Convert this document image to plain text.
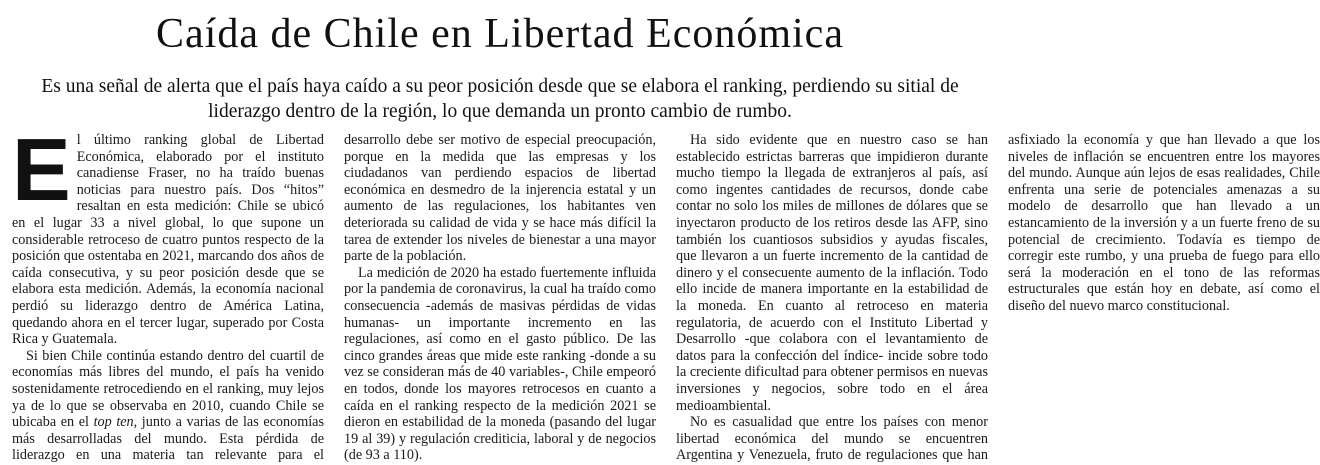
Caída de Chile en Libertad Económica

Es una señal de alerta que el país haya caído a su peor posición desde que se elabora el ranking, perdiendo su sitial de liderazgo dentro de la región, lo que demanda un pronto cambio de rumbo.

El último ranking global de Libertad Económica, elaborado por el instituto canadiense Fraser, no ha traído buenas noticias para nuestro país. Dos “hitos” resaltan en esta medición: Chile se ubicó en el lugar 33 a nivel global, lo que supone un considerable retroceso de cuatro puntos respecto de la posición que ostentaba en 2021, marcando dos años de caída consecutiva, y su peor posición desde que se elabora esta medición. Además, la economía nacional perdió su liderazgo dentro de América Latina, quedando ahora en el tercer lugar, superado por Costa Rica y Guatemala.

Si bien Chile continúa estando dentro del cuartil de economías más libres del mundo, el país ha venido sostenidamente retrocediendo en el ranking, muy lejos ya de lo que se observaba en 2010, cuando Chile se ubicaba en el top ten, junto a varias de las economías más desarrolladas del mundo. Esta pérdida de liderazgo en una materia tan relevante para el desarrollo debe ser motivo de especial preocupación, porque en la medida que las empresas y los ciudadanos van perdiendo espacios de libertad económica en desmedro de la injerencia estatal y un aumento de las regulaciones, los habitantes ven deteriorada su calidad de vida y se hace más difícil la tarea de extender los niveles de bienestar a una mayor parte de la población.

La medición de 2020 ha estado fuertemente influida por la pandemia de coronavirus, la cual ha traído como consecuencia -además de masivas pérdidas de vidas humanas- un importante incremento en las regulaciones, así como en el gasto público. De las cinco grandes áreas que mide este ranking -donde a su vez se consideran más de 40 variables-, Chile empeoró en todos, donde los mayores retrocesos en cuanto a caída en el ranking respecto de la medición 2021 se dieron en estabilidad de la moneda (pasando del lugar 19 al 39) y regulación crediticia, laboral y de negocios (de 93 a 110).

Ha sido evidente que en nuestro caso se han establecido estrictas barreras que impidieron durante mucho tiempo la llegada de extranjeros al país, así como ingentes cantidades de recursos, donde cabe contar no solo los miles de millones de dólares que se inyectaron producto de los retiros desde las AFP, sino también los cuantiosos subsidios y ayudas fiscales, que llevaron a un fuerte incremento de la cantidad de dinero y el consecuente aumento de la inflación. Todo ello incide de manera importante en la estabilidad de la moneda. En cuanto al retroceso en materia regulatoria, de acuerdo con el Instituto Libertad y Desarrollo -que colabora con el levantamiento de datos para la confección del índice- incide sobre todo la creciente dificultad para obtener permisos en nuevas inversiones y negocios, sobre todo en el área medioambiental.

No es casualidad que entre los países con menor libertad económica del mundo se encuentren Argentina y Venezuela, fruto de regulaciones que han asfixiado la economía y que han llevado a que los niveles de inflación se encuentren entre los mayores del mundo. Aunque aún lejos de esas realidades, Chile enfrenta una serie de potenciales amenazas a su modelo de desarrollo que han llevado a un estancamiento de la inversión y a un fuerte freno de su potencial de crecimiento. Todavía es tiempo de corregir este rumbo, y una prueba de fuego para ello será la moderación en el tono de las reformas estructurales que están hoy en debate, así como el diseño del nuevo marco constitucional.
